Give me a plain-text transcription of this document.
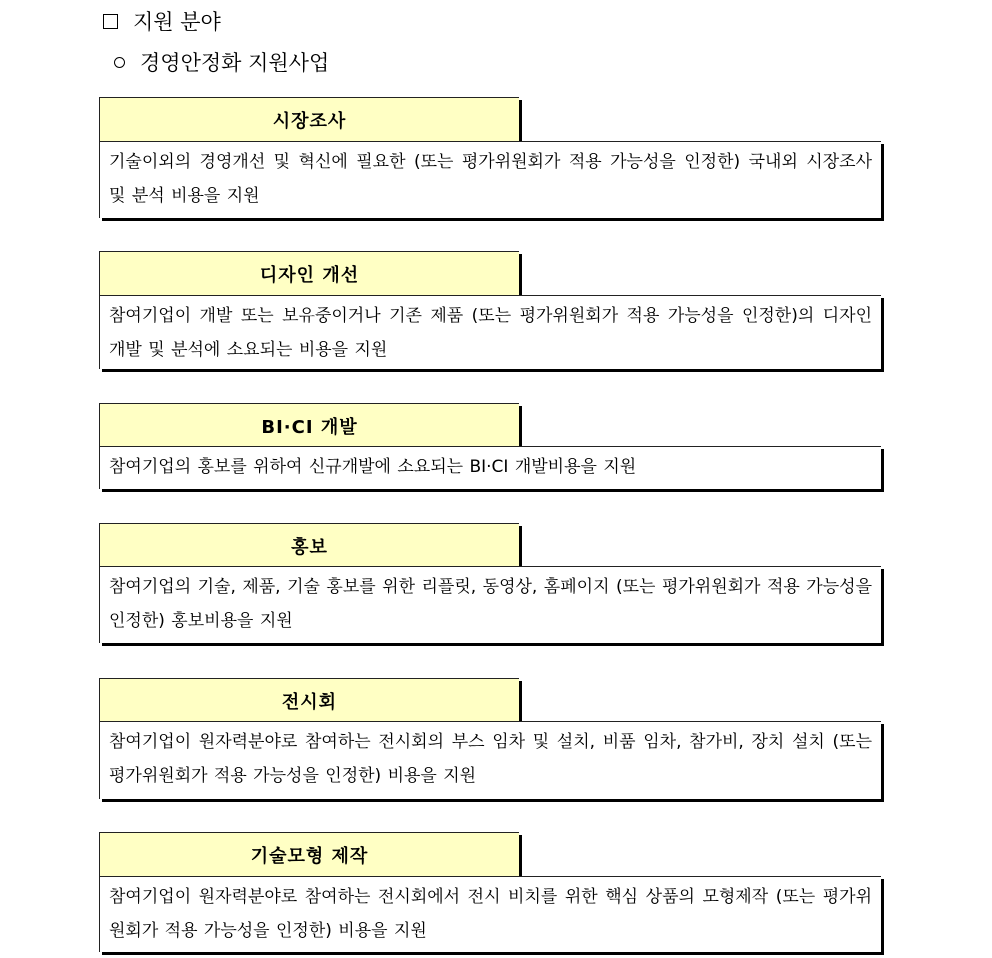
지원 분야
경영안정화 지원사업
시장조사
기술이외의 경영개선 및 혁신에 필요한 (또는 평가위원회가 적용 가능성을 인정한) 국내외 시장조사 및 분석 비용을 지원
디자인 개선
참여기업이 개발 또는 보유중이거나 기존 제품 (또는 평가위원회가 적용 가능성을 인정한)의 디자인 개발 및 분석에 소요되는 비용을 지원
BI·CI 개발
참여기업의 홍보를 위하여 신규개발에 소요되는 BI·CI 개발비용을 지원
홍보
참여기업의 기술, 제품, 기술 홍보를 위한 리플릿, 동영상, 홈페이지 (또는 평가위원회가 적용 가능성을 인정한) 홍보비용을 지원
전시회
참여기업이 원자력분야로 참여하는 전시회의 부스 임차 및 설치, 비품 임차, 참가비, 장치 설치 (또는 평가위원회가 적용 가능성을 인정한) 비용을 지원
기술모형 제작
참여기업이 원자력분야로 참여하는 전시회에서 전시 비치를 위한 핵심 상품의 모형제작 (또는 평가위원회가 적용 가능성을 인정한) 비용을 지원
